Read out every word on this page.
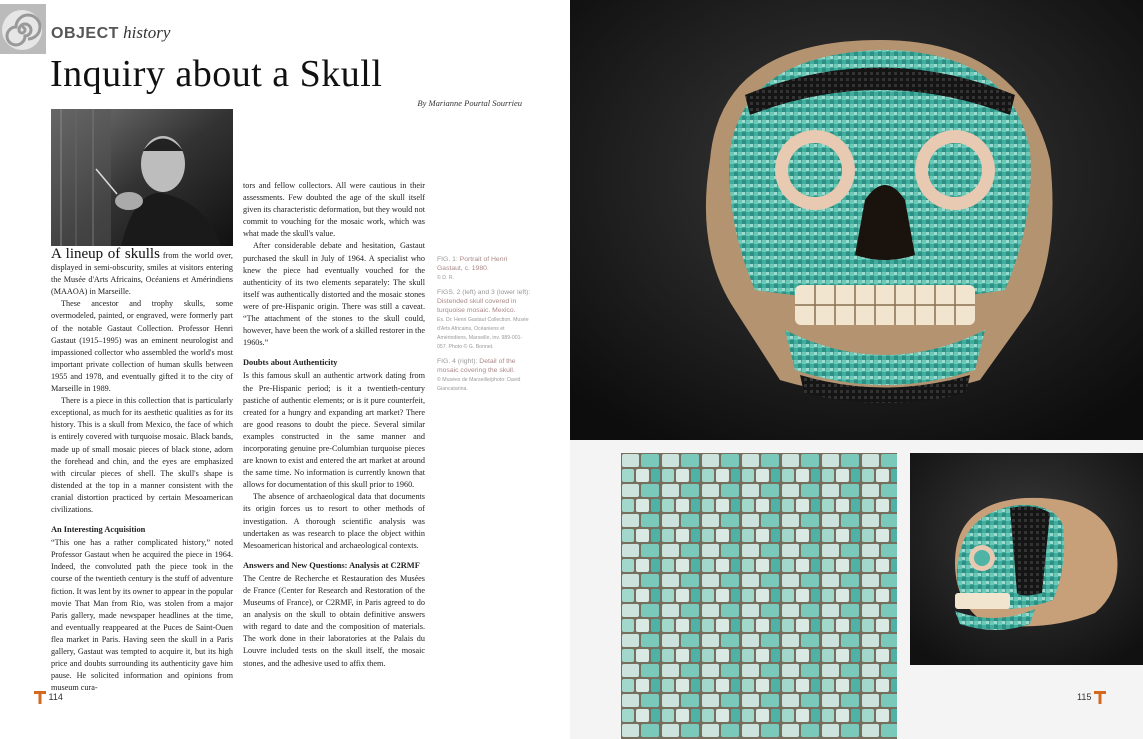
OBJECT history
Inquiry about a Skull
By Marianne Pourtal Sourrieu

A lineup of skulls from the world over, displayed in semi-obscurity, smiles at visitors entering the Musée d'Arts Africains, Océaniens et Amérindiens (MAAOA) in Marseille.

These ancestor and trophy skulls, some overmodeled, painted, or engraved, were formerly part of the notable Gastaut Collection. Professor Henri Gastaut (1915–1995) was an eminent neurologist and impassioned collector who assembled the world's most important private collection of human skulls between 1955 and 1978, and eventually gifted it to the city of Marseille in 1989.

There is a piece in this collection that is particularly exceptional, as much for its aesthetic qualities as for its history. This is a skull from Mexico, the face of which is entirely covered with turquoise mosaic. Black bands, made up of small mosaic pieces of black stone, adorn the forehead and chin, and the eyes are emphasized with circular pieces of shell. The skull's shape is distended at the top in a manner consistent with the cranial distortion practiced by certain Mesoamerican civilizations.

An Interesting Acquisition

“This one has a rather complicated history,” noted Professor Gastaut when he acquired the piece in 1964. Indeed, the convoluted path the piece took in the course of the twentieth century is the stuff of adventure fiction. It was lent by its owner to appear in the popular movie That Man from Rio, was stolen from a major Paris gallery, made newspaper headlines at the time, and eventually reappeared at the Puces de Saint-Ouen flea market in Paris. Having seen the skull in a Paris gallery, Gastaut was tempted to acquire it, but its high price and doubts surrounding its authenticity gave him pause. He solicited information and opinions from museum cura-

tors and fellow collectors. All were cautious in their assessments. Few doubted the age of the skull itself given its characteristic deformation, but they would not commit to vouching for the mosaic work, which was what made the skull's value.

After considerable debate and hesitation, Gastaut purchased the skull in July of 1964. A specialist who knew the piece had eventually vouched for the authenticity of its two elements separately: The skull itself was authentically distorted and the mosaic stones were of pre-Hispanic origin. There was still a caveat. “The attachment of the stones to the skull could, however, have been the work of a skilled restorer in the 1960s.”

Doubts about Authenticity

Is this famous skull an authentic artwork dating from the Pre-Hispanic period; is it a twentieth-century pastiche of authentic elements; or is it pure counterfeit, created for a hungry and expanding art market? There are good reasons to doubt the piece. Several similar examples constructed in the same manner and incorporating genuine pre-Columbian turquoise pieces are known to exist and entered the art market at around the same time. No information is currently known that allows for documentation of this skull prior to 1960.

The absence of archaeological data that documents its origin forces us to resort to other methods of investigation. A thorough scientific analysis was undertaken as was research to place the object within Mesoamerican historical and archaeological contexts.

Answers and New Questions: Analysis at C2RMF

The Centre de Recherche et Restauration des Musées de France (Center for Research and Restoration of the Museums of France), or C2RMF, in Paris agreed to do an analysis on the skull to obtain definitive answers with regard to date and the composition of materials. The work done in their laboratories at the Palais du Louvre included tests on the skull itself, the mosaic stones, and the adhesive used to affix them.

FIG. 1: Portrait of Henri Gastaut, c. 1980.
© D. R.
FIGS. 2 (left) and 3 (lower left): Distended skull covered in turquoise mosaic. Mexico.
Ex. Dr. Henri Gastaut Collection. Musée d'Arts Africains, Océaniens et Amérindiens, Marseille, inv. 989-001-057. Photo © G. Bonnet.
FIG. 4 (right): Detail of the mosaic covering the skull.
© Musées de Marseille/photo: David Giancatarina.
114	115
